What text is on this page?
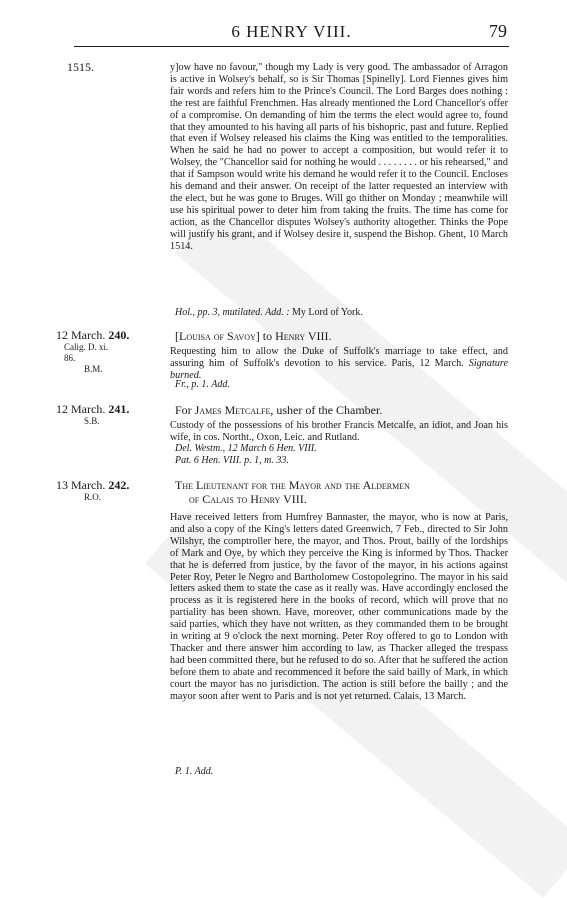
6 HENRY VIII.	79
1515.	y]ow have no favour," though my Lady is very good. The ambassador of Arragon is active in Wolsey's behalf, so is Sir Thomas [Spinelly]. Lord Fiennes gives him fair words and refers him to the Prince's Council. The Lord Barges does nothing : the rest are faithful Frenchmen. Has already mentioned the Lord Chancellor's offer of a compromise. On demanding of him the terms the elect would agree to, found that they amounted to his having all parts of his bishopric, past and future. Replied that even if Wolsey released his claims the King was entitled to the temporalities. When he said he had no power to accept a composition, but would refer it to Wolsey, the "Chancellor said for nothing he would . . . . . . . . or his rehearsed," and that if Sampson would write his demand he would refer it to the Council. Encloses his demand and their answer. On receipt of the latter requested an interview with the elect, but he was gone to Bruges. Will go thither on Monday ; meanwhile will use his spiritual power to deter him from taking the fruits. The time has come for action, as the Chancellor disputes Wolsey's authority altogether. Thinks the Pope will justify his grant, and if Wolsey desire it, suspend the Bishop. Ghent, 10 March 1514.
Hol., pp. 3, mutilated. Add. : My Lord of York.
12 March. 240.
Calig. D. xi. 86.
B.M.
[Louisa of Savoy] to Henry VIII.
Requesting him to allow the Duke of Suffolk's marriage to take effect, and assuring him of Suffolk's devotion to his service. Paris, 12 March. Signature burned.
Fr., p. 1. Add.
12 March. 241.
S.B.
For James Metcalfe, usher of the Chamber.
Custody of the possessions of his brother Francis Metcalfe, an idiot, and Joan his wife, in cos. Northt., Oxon, Leic. and Rutland.
Del. Westm., 12 March 6 Hen. VIII.
Pat. 6 Hen. VIII. p. 1, m. 33.
13 March. 242.
R.O.
The Lieutenant for the Mayor and the Aldermen
of Calais to Henry VIII.
Have received letters from Humfrey Bannaster, the mayor, who is now at Paris, and also a copy of the King's letters dated Greenwich, 7 Feb., directed to Sir John Wilshyr, the comptroller here, the mayor, and Thos. Prout, bailly of the lordships of Mark and Oye, by which they perceive the King is informed by Thos. Thacker that he is deferred from justice, by the favor of the mayor, in his actions against Peter Roy, Peter le Negro and Bartholomew Costopolegrino. The mayor in his said letters asked them to state the case as it really was. Have accordingly enclosed the process as it is registered here in the books of record, which will prove that no partiality has been shown. Have, moreover, other communications made by the said parties, which they have not written, as they commanded them to be brought in writing at 9 o'clock the next morning. Peter Roy offered to go to London with Thacker and there answer him according to law, as Thacker alleged the trespass had been committed there, but he refused to do so. After that he suffered the action before them to abate and recommenced it before the said bailly of Mark, in which court the mayor has no jurisdiction. The action is still before the bailly ; and the mayor soon after went to Paris and is not yet returned. Calais, 13 March.
P. 1. Add.
